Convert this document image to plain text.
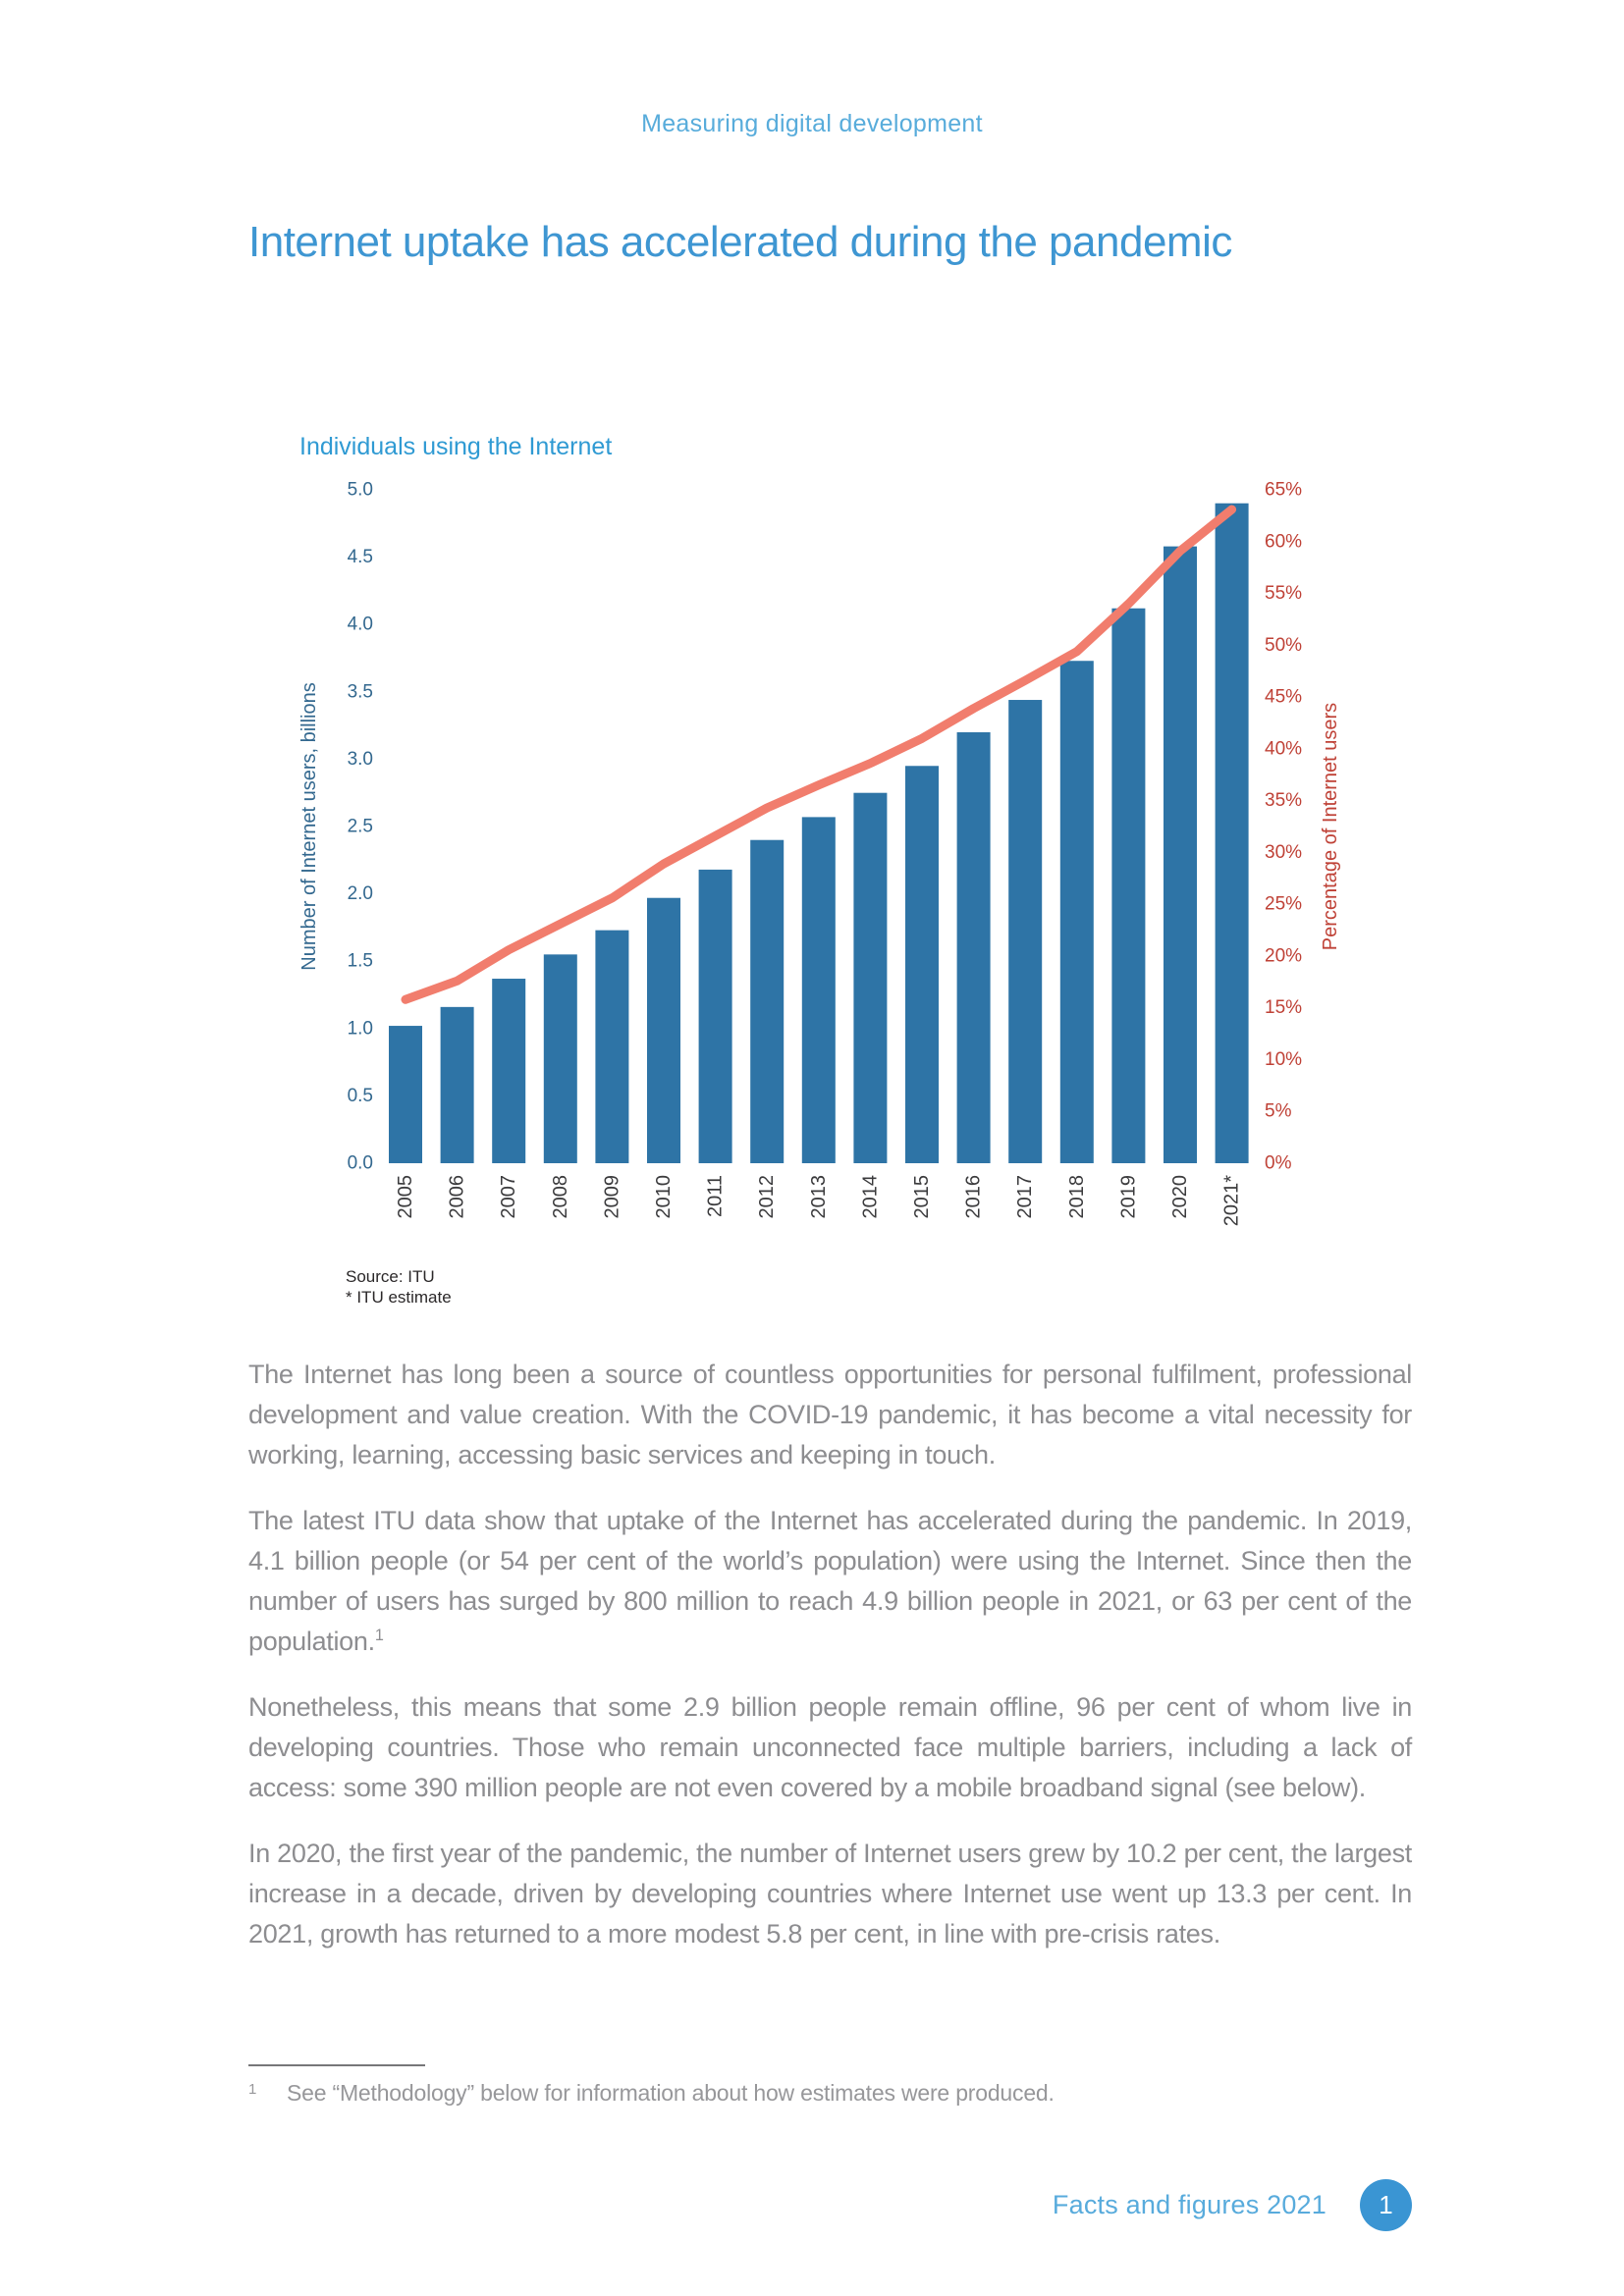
Measuring digital development
Internet uptake has accelerated during the pandemic
Individuals using the Internet
0.0
0.5
1.0
1.5
2.0
2.5
3.0
3.5
4.0
4.5
5.0
0%
5%
10%
15%
20%
25%
30%
35%
40%
45%
50%
55%
60%
65%
2005 2006 2007 2008 2009 2010 2011 2012 2013 2014 2015 2016 2017 2018 2019 2020 2021*
Number of Internet users, billions	Percentage of Internet users
Source: ITU
* ITU estimate

The Internet has long been a source of countless opportunities for personal fulfilment, professional development and value creation. With the COVID-19 pandemic, it has become a vital necessity for working, learning, accessing basic services and keeping in touch.

The latest ITU data show that uptake of the Internet has accelerated during the pandemic. In 2019, 4.1 billion people (or 54 per cent of the world’s population) were using the Internet. Since then the number of users has surged by 800 million to reach 4.9 billion people in 2021, or 63 per cent of the population.$^1$

Nonetheless, this means that some 2.9 billion people remain offline, 96 per cent of whom live in developing countries. Those who remain unconnected face multiple barriers, including a lack of access: some 390 million people are not even covered by a mobile broadband signal (see below).

In 2020, the first year of the pandemic, the number of Internet users grew by 10.2 per cent, the largest increase in a decade, driven by developing countries where Internet use went up 13.3 per cent. In 2021, growth has returned to a more modest 5.8 per cent, in line with pre-crisis rates.

1	See “Methodology” below for information about how estimates were produced.
Facts and figures 2021 1
